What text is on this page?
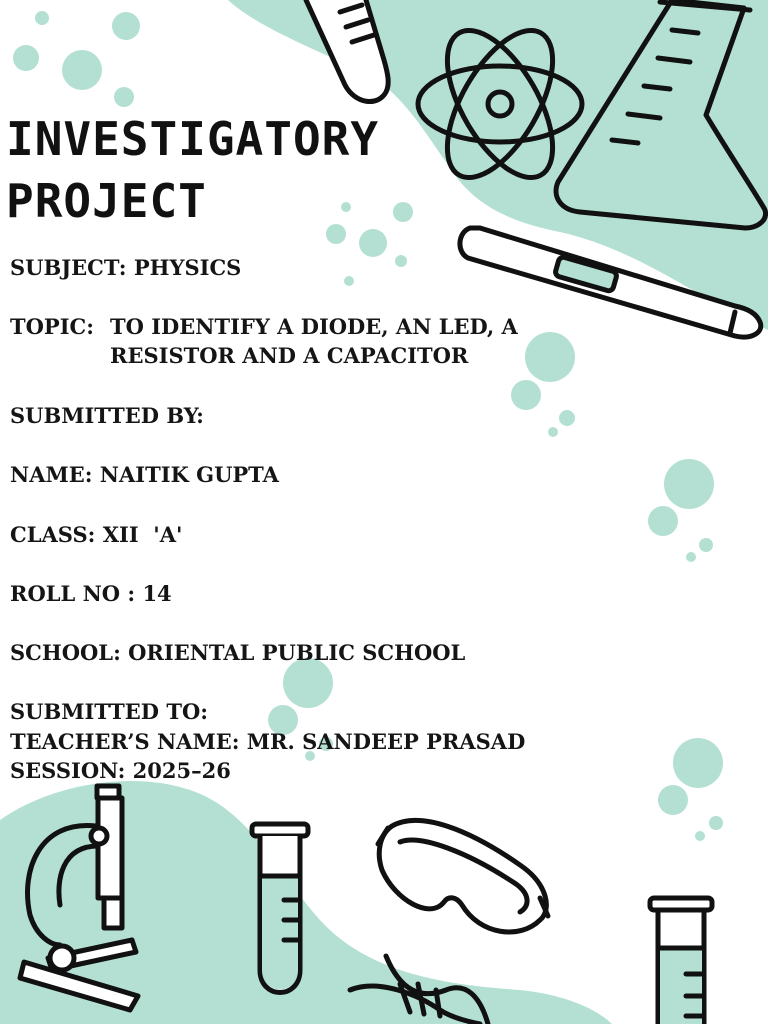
INVESTIGATORY
PROJECT
SUBJECT: PHYSICS
TOPIC: TO IDENTIFY A DIODE, AN LED, A RESISTOR AND A CAPACITOR
SUBMITTED BY:
NAME: NAITIK GUPTA
CLASS: XII  'A'
ROLL NO : 14
SCHOOL: ORIENTAL PUBLIC SCHOOL
SUBMITTED TO:
TEACHER’S NAME: MR. SANDEEP PRASAD
SESSION: 2025–26
